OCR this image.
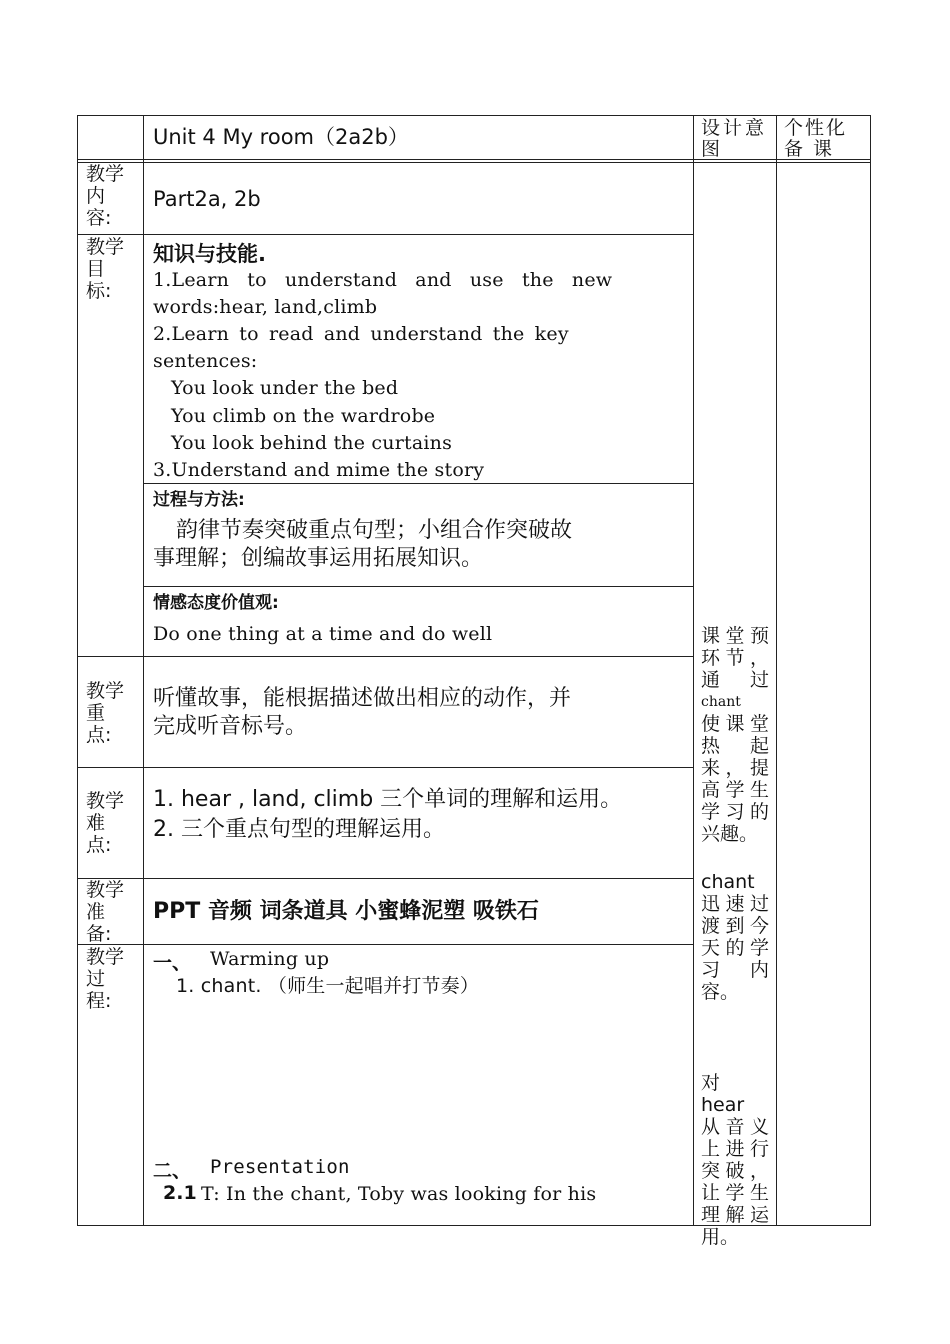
Unit 4 My room（2a2b）	设计意图
个性化备 课
教学内容:
Part2a, 2b
教学目标:
知识与技能.
1.Learn to understand and use the new
words:hear, land,climb
2.Learn to read and understand the key
sentences:
You look under the bed
You climb on the wardrobe
You look behind the curtains
3.Understand and mime the story
过程与方法:
韵律节奏突破重点句型；小组合作突破故
事理解；创编故事运用拓展知识。
情感态度价值观:
Do one thing at a time and do well
教学重点:
听懂故事，能根据描述做出相应的动作，并
完成听音标号。
教学难点:
1. hear , land, climb 三个单词的理解和运用。
2. 三个重点句型的理解运用。
教学准备:
PPT 音频 词条道具 小蜜蜂泥塑 吸铁石
教学过程:
一、 Warming up
1. chant. （师生一起唱并打节奏）
二、 Presentation
2.1 T: In the chant, Toby was looking for his
课堂预
环节，
通　过
chant
使课堂
热　起
来，提
高学生
学习的
兴趣。
chant
迅速过
渡到今
天的学
习　内
容。
对 hear
从音义
上进行
突破，
让学生
理解运
用。
